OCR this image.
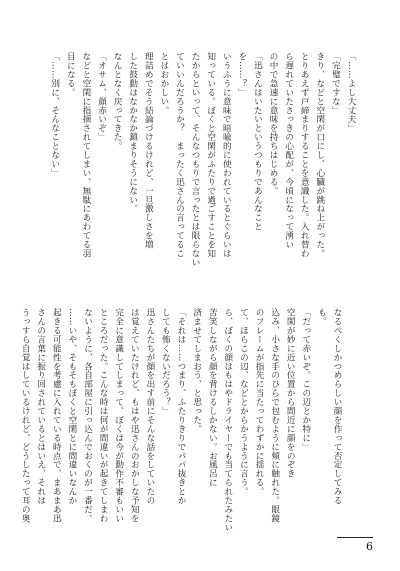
「……よし大丈夫」
「完璧ですな」
きり、などと空閑が口にし、心臓が跳ね上がった。
とりあえず戸締まりすることを意識した。入れ替わ
ら遅れていたさっきの心配が、今頃になって湧い
の中で急速に意味を持ちはじめる。
「迅さんはいたいというつもりであんなこと
を……？」
いうふうに意味で暗喩的に使われているとぐらいは
知っている。ぼくと空閑がふたりで過ごすことを知
たからといって、そんなつもりで言ったとは限らない
ていいんだろうか？　まったく迅さんの言ってるこ
とはおかしい。
理詰めでそう結論づけるけれど、一旦激しさを増
した鼓動はなかなか鎮まりそうにない。
なんとなく戻ってきた。
「オサム、顔赤いぞ」
などと空閑に指摘されてしまい、無駄にあわてる羽
目になる。
「……別に、そんなことない」
なるべくしかつめらしい顔を作って否定してみる
も。
「だって赤いぞ。この辺とか特に」
空閑が妙に近い位置から間近に顔をのぞき
込み、小さな手のひらで包むように頬に触れた。眼鏡
のフレームが指先に当たってわずかに揺れる。
て、ほらこの辺、などとからかうように言う。
ら、ぼくの顔はもはやドライヤーでも当てられたみたい
苦笑しながら顔を背けるしかない。お風呂に
済ませてしまおう、と思った。
「それは……つまり、ふたりきりでパパ抜きとか
しても怖くないだろう？」
迅さんたちが顔を出す前にそんな話をしていたの
は覚えていたけれど、もはや迅さんのおかしな予知を
完全に意識してしまって、ぼくは今が動作不審もいい
ところだった。こんな時は何が間違いが起きてしまわ
ないように、各自部屋に引っ込んでおくのが一番だ。
……いや、そもそもぼくと空閑とに間違いなんか
起きる可能性を考慮に入れている時点で、まあまあ迅
さんの言葉に振り回されているとはいえ、それは
うっすら自覚はしているけれど、どうしたって耳の奥
6
